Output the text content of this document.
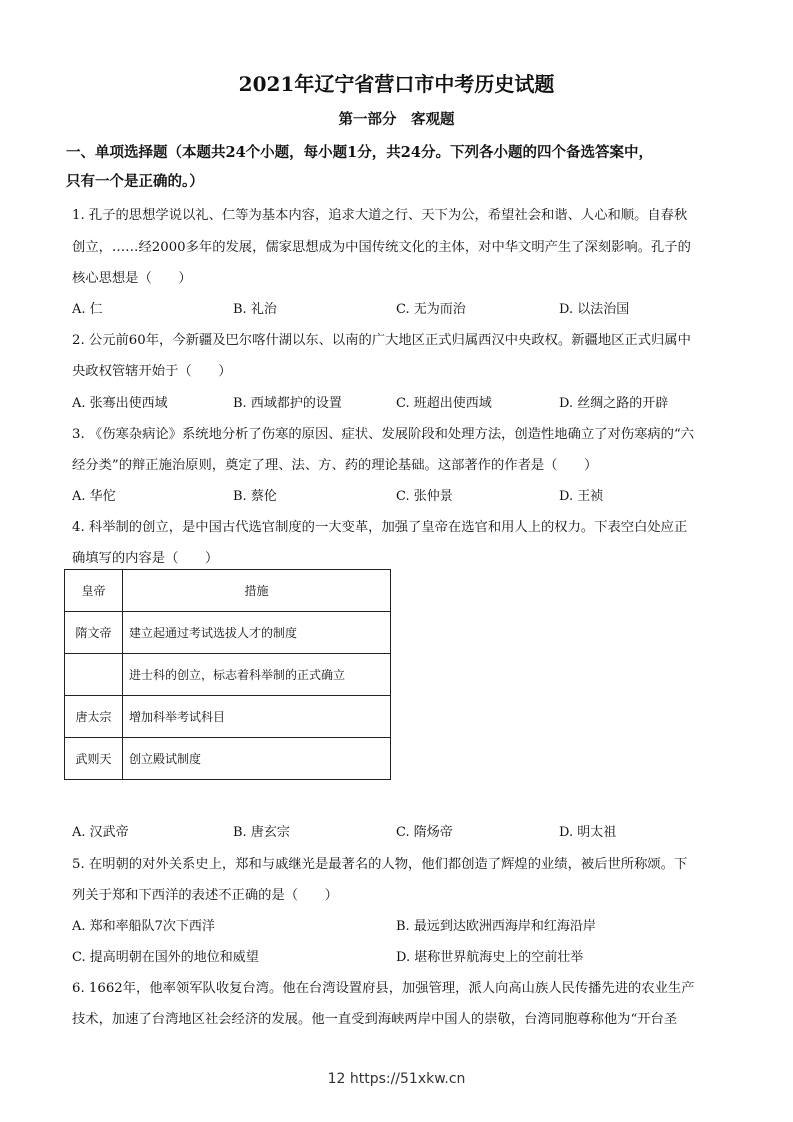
2021年辽宁省营口市中考历史试题
第一部分　客观题
一、单项选择题（本题共24个小题，每小题1分，共24分。下列各小题的四个备选答案中，
只有一个是正确的。）
1. 孔子的思想学说以礼、仁等为基本内容，追求大道之行、天下为公，希望社会和谐、人心和顺。自春秋
创立，……经2000多年的发展，儒家思想成为中国传统文化的主体，对中华文明产生了深刻影响。孔子的
核心思想是（　　）
A. 仁	B. 礼治	C. 无为而治	D. 以法治国
2. 公元前60年，今新疆及巴尔喀什湖以东、以南的广大地区正式归属西汉中央政权。新疆地区正式归属中
央政权管辖开始于（　　）
A. 张骞出使西域	B. 西域都护的设置	C. 班超出使西域	D. 丝绸之路的开辟
3. 《伤寒杂病论》系统地分析了伤寒的原因、症状、发展阶段和处理方法，创造性地确立了对伤寒病的“六
经分类”的辩正施治原则，奠定了理、法、方、药的理论基础。这部著作的作者是（　　）
A. 华佗	B. 蔡伦	C. 张仲景	D. 王祯
4. 科举制的创立，是中国古代选官制度的一大变革，加强了皇帝在选官和用人上的权力。下表空白处应正
确填写的内容是（　　）
皇帝	措施
隋文帝	建立起通过考试选拔人才的制度
	进士科的创立，标志着科举制的正式确立
唐太宗	增加科举考试科目
武则天	创立殿试制度
A. 汉武帝	B. 唐玄宗	C. 隋炀帝	D. 明太祖
5. 在明朝的对外关系史上，郑和与戚继光是最著名的人物，他们都创造了辉煌的业绩，被后世所称颂。下
列关于郑和下西洋的表述不正确的是（　　）
A. 郑和率船队7次下西洋	B. 最远到达欧洲西海岸和红海沿岸
C. 提高明朝在国外的地位和威望	D. 堪称世界航海史上的空前壮举
6. 1662年，他率领军队收复台湾。他在台湾设置府县，加强管理，派人向高山族人民传播先进的农业生产
技术，加速了台湾地区社会经济的发展。他一直受到海峡两岸中国人的崇敬，台湾同胞尊称他为“开台圣
12 https://51xkw.cn
